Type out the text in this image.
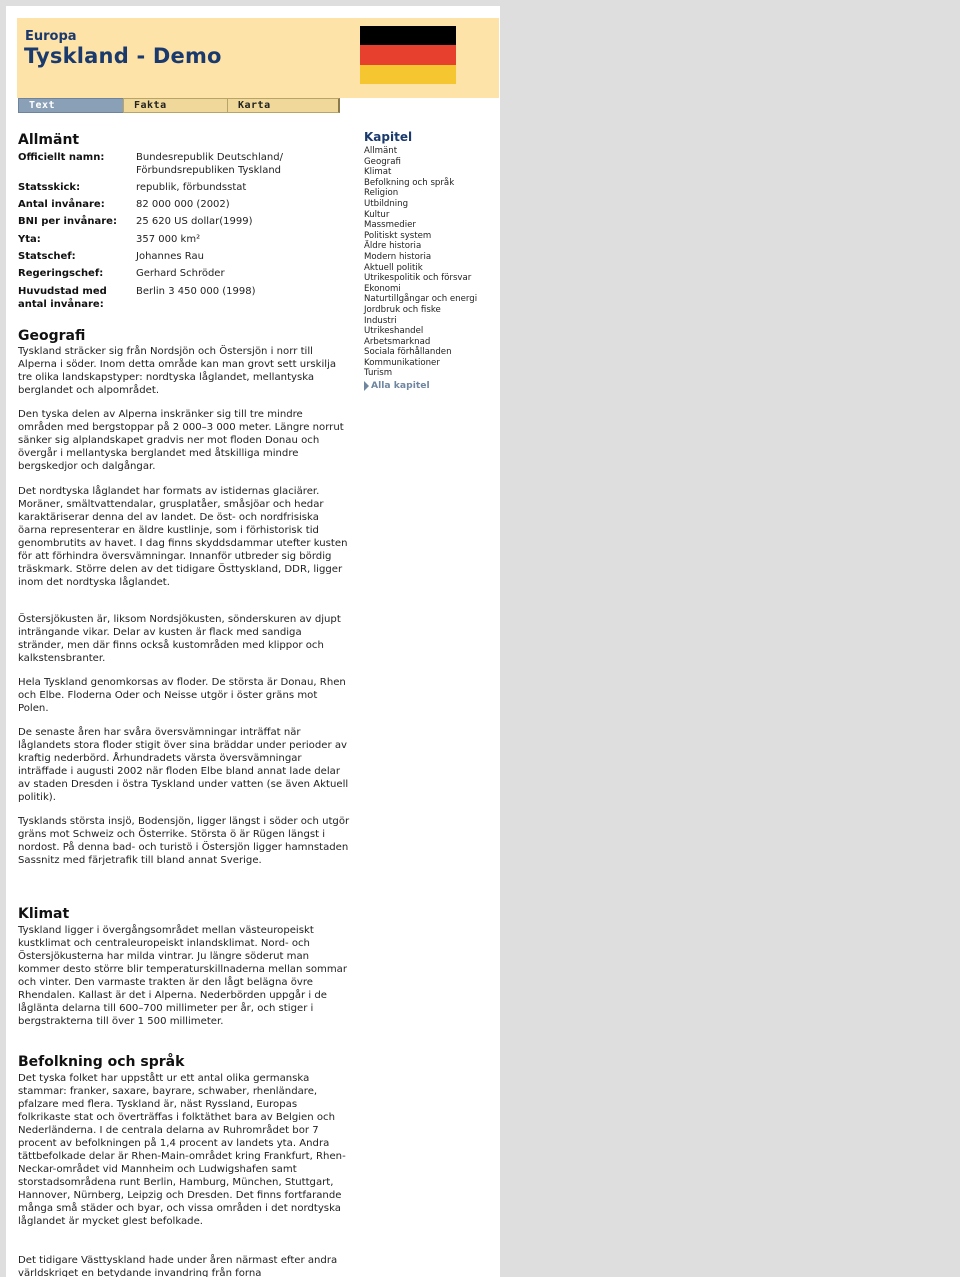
Europa
Tyskland - Demo
Text	Fakta	Karta
Allmänt
Officiellt namn:	Bundesrepublik Deutschland/ Förbundsrepubliken Tyskland
Statsskick:	republik, förbundsstat
Antal invånare:	82 000 000 (2002)
BNI per invånare:	25 620 US dollar(1999)
Yta:	357 000 km²
Statschef:	Johannes Rau
Regeringschef:	Gerhard Schröder
Huvudstad med antal invånare:
Berlin 3 450 000 (1998)
Geografi

Tyskland sträcker sig från Nordsjön och Östersjön i norr till Alperna i söder. Inom detta område kan man grovt sett urskilja tre olika landskapstyper: nordtyska låglandet, mellantyska berglandet och alpområdet.

Den tyska delen av Alperna inskränker sig till tre mindre områden med bergstoppar på 2 000–3 000 meter. Längre norrut sänker sig alplandskapet gradvis ner mot floden Donau och övergår i mellantyska berglandet med åtskilliga mindre bergskedjor och dalgångar.

Det nordtyska låglandet har formats av istidernas glaciärer. Moräner, smältvattendalar, grusplatåer, småsjöar och hedar karaktäriserar denna del av landet. De öst- och nordfrisiska öarna representerar en äldre kustlinje, som i förhistorisk tid genombrutits av havet. I dag finns skyddsdammar utefter kusten för att förhindra översvämningar. Innanför utbreder sig bördig träskmark. Större delen av det tidigare Östtyskland, DDR, ligger inom det nordtyska låglandet.

Östersjökusten är, liksom Nordsjökusten, sönderskuren av djupt inträngande vikar. Delar av kusten är flack med sandiga stränder, men där finns också kustområden med klippor och kalkstensbranter.

Hela Tyskland genomkorsas av floder. De största är Donau, Rhen och Elbe. Floderna Oder och Neisse utgör i öster gräns mot Polen.

De senaste åren har svåra översvämningar inträffat när låglandets stora floder stigit över sina bräddar under perioder av kraftig nederbörd. Århundradets värsta översvämningar inträffade i augusti 2002 när floden Elbe bland annat lade delar av staden Dresden i östra Tyskland under vatten (se även Aktuell politik).

Tysklands största insjö, Bodensjön, ligger längst i söder och utgör gräns mot Schweiz och Österrike. Största ö är Rügen längst i nordost. På denna bad- och turistö i Östersjön ligger hamnstaden Sassnitz med färjetrafik till bland annat Sverige.

Klimat

Tyskland ligger i övergångsområdet mellan västeuropeiskt kustklimat och centraleuropeiskt inlandsklimat. Nord- och Östersjökusterna har milda vintrar. Ju längre söderut man kommer desto större blir temperaturskillnaderna mellan sommar och vinter. Den varmaste trakten är den lågt belägna övre Rhendalen. Kallast är det i Alperna. Nederbörden uppgår i de låglänta delarna till 600–700 millimeter per år, och stiger i bergstrakterna till över 1 500 millimeter.

Befolkning och språk

Det tyska folket har uppstått ur ett antal olika germanska stammar: franker, saxare, bayrare, schwaber, rhenländare, pfalzare med flera. Tyskland är, näst Ryssland, Europas folkrikaste stat och överträffas i folktäthet bara av Belgien och Nederländerna. I de centrala delarna av Ruhrområdet bor 7 procent av befolkningen på 1,4 procent av landets yta. Andra tättbefolkade delar är Rhen-Main-området kring Frankfurt, Rhen-Neckar-området vid Mannheim och Ludwigshafen samt storstadsområdena runt Berlin, Hamburg, München, Stuttgart, Hannover, Nürnberg, Leipzig och Dresden. Det finns fortfarande många små städer och byar, och vissa områden i det nordtyska låglandet är mycket glest befolkade.

Det tidigare Västtyskland hade under åren närmast efter andra världskriget en betydande invandring från forna

Kapitel
Allmänt
Geografi
Klimat
Befolkning och språk
Religion
Utbildning
Kultur
Massmedier
Politiskt system
Äldre historia
Modern historia
Aktuell politik
Utrikespolitik och försvar
Ekonomi
Naturtillgångar och energi
Jordbruk och fiske
Industri
Utrikeshandel
Arbetsmarknad
Sociala förhållanden
Kommunikationer
Turism
Alla kapitel
